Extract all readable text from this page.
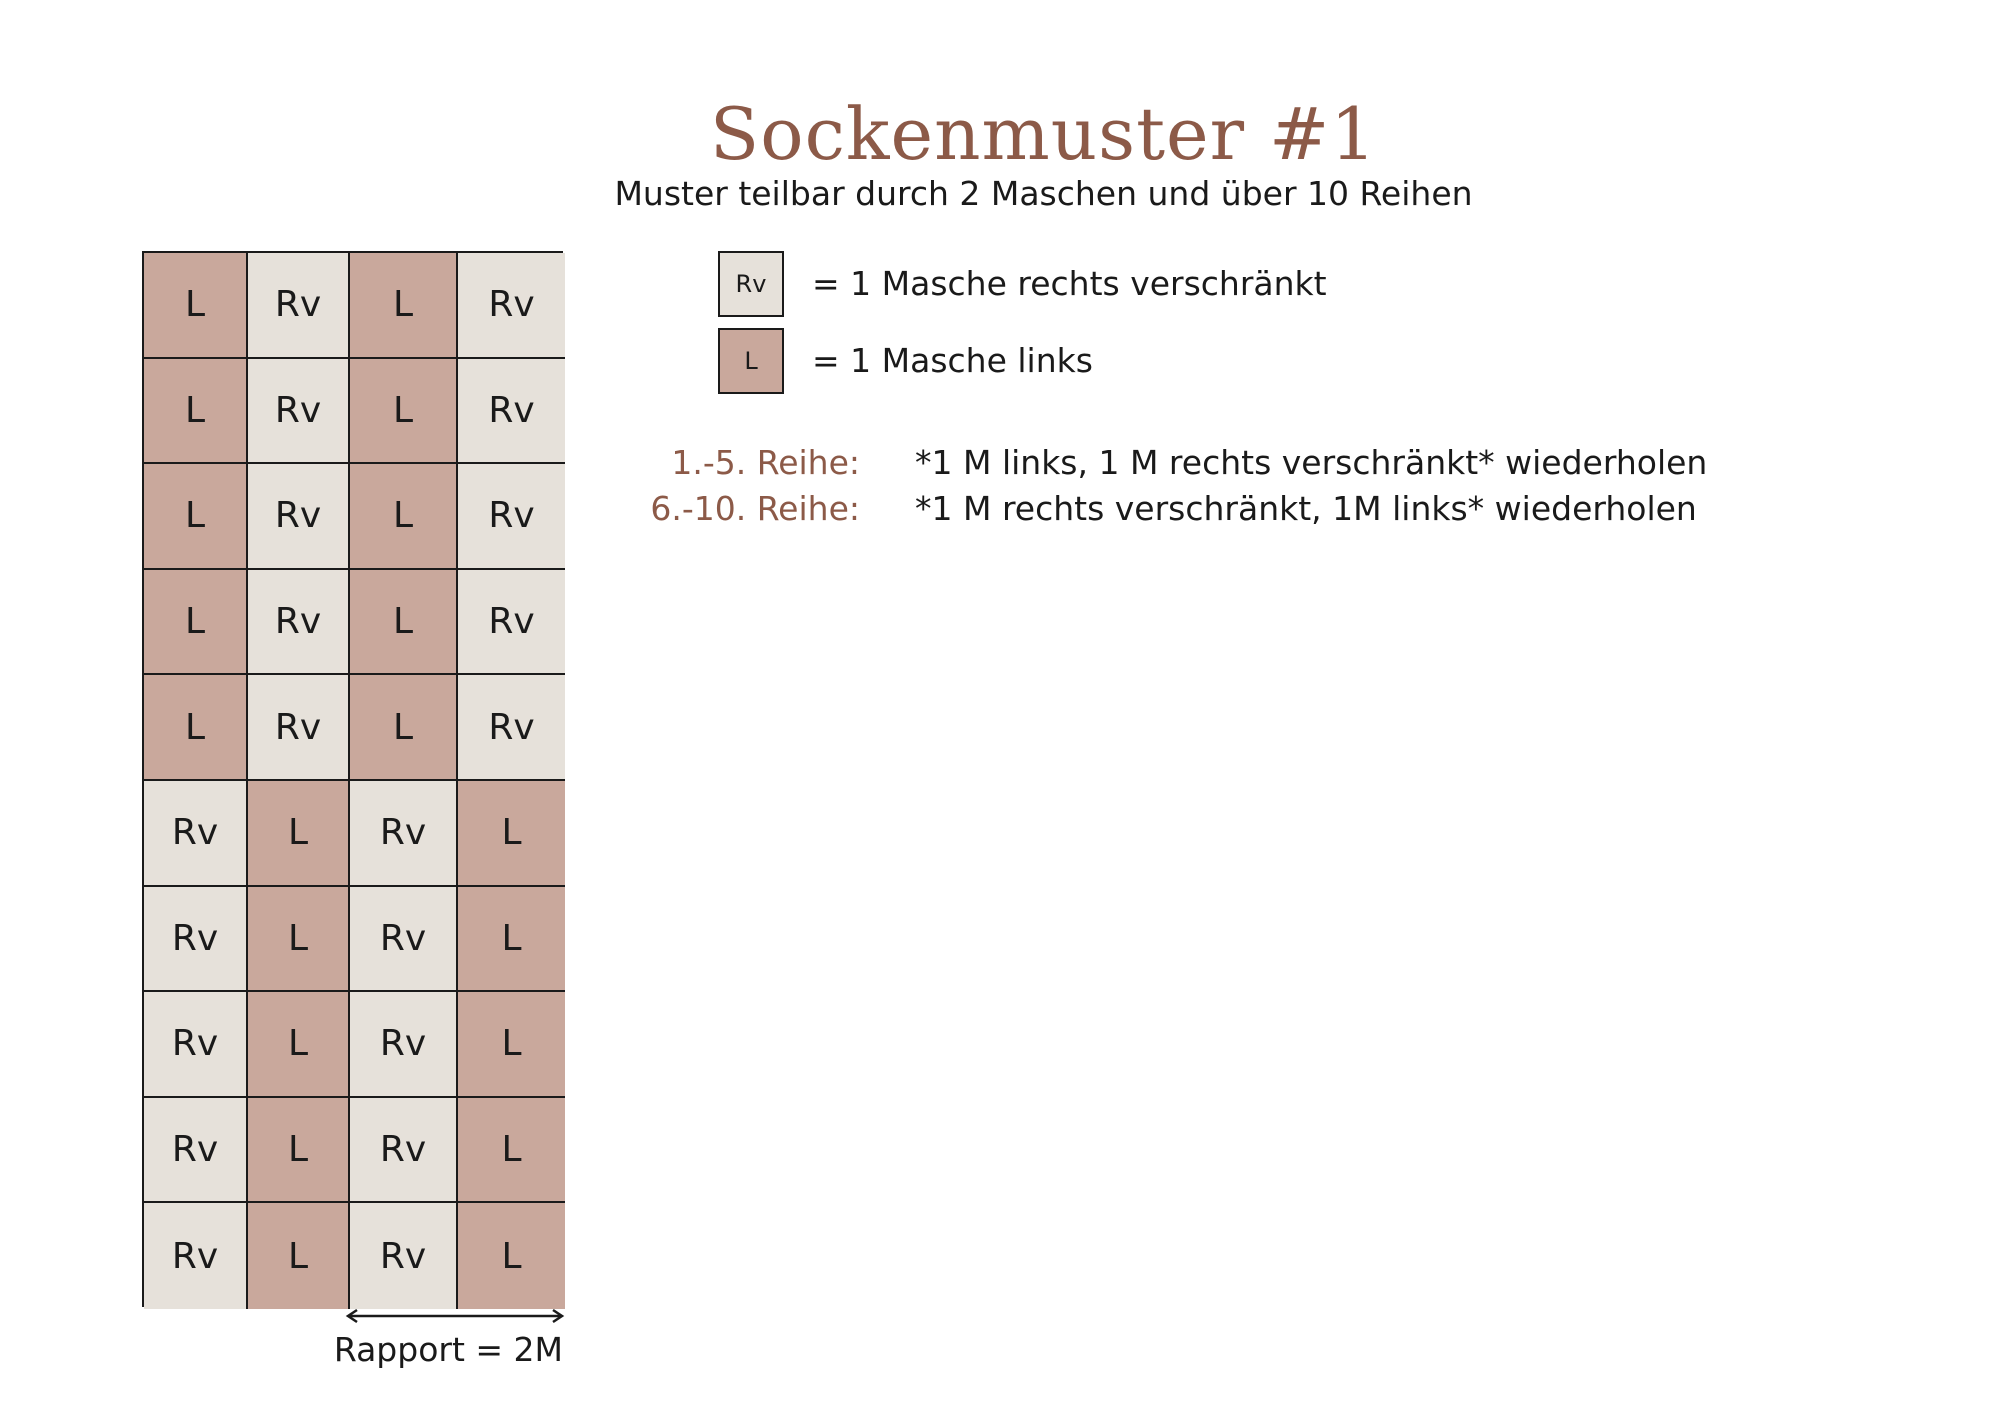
Sockenmuster #1
Muster teilbar durch 2 Maschen und über 10 Reihen
L	Rv	L	Rv
L	Rv	L	Rv
L	Rv	L	Rv
L	Rv	L	Rv
L	Rv	L	Rv
Rv	L	Rv	L
Rv	L	Rv	L
Rv	L	Rv	L
Rv	L	Rv	L
Rv	L	Rv	L
Rapport = 2M
Rv	= 1 Masche rechts verschränkt
L	= 1 Masche links
1.-5. Reihe: *1 M links, 1 M rechts verschränkt* wiederholen
6.-10. Reihe: *1 M rechts verschränkt, 1M links* wiederholen
